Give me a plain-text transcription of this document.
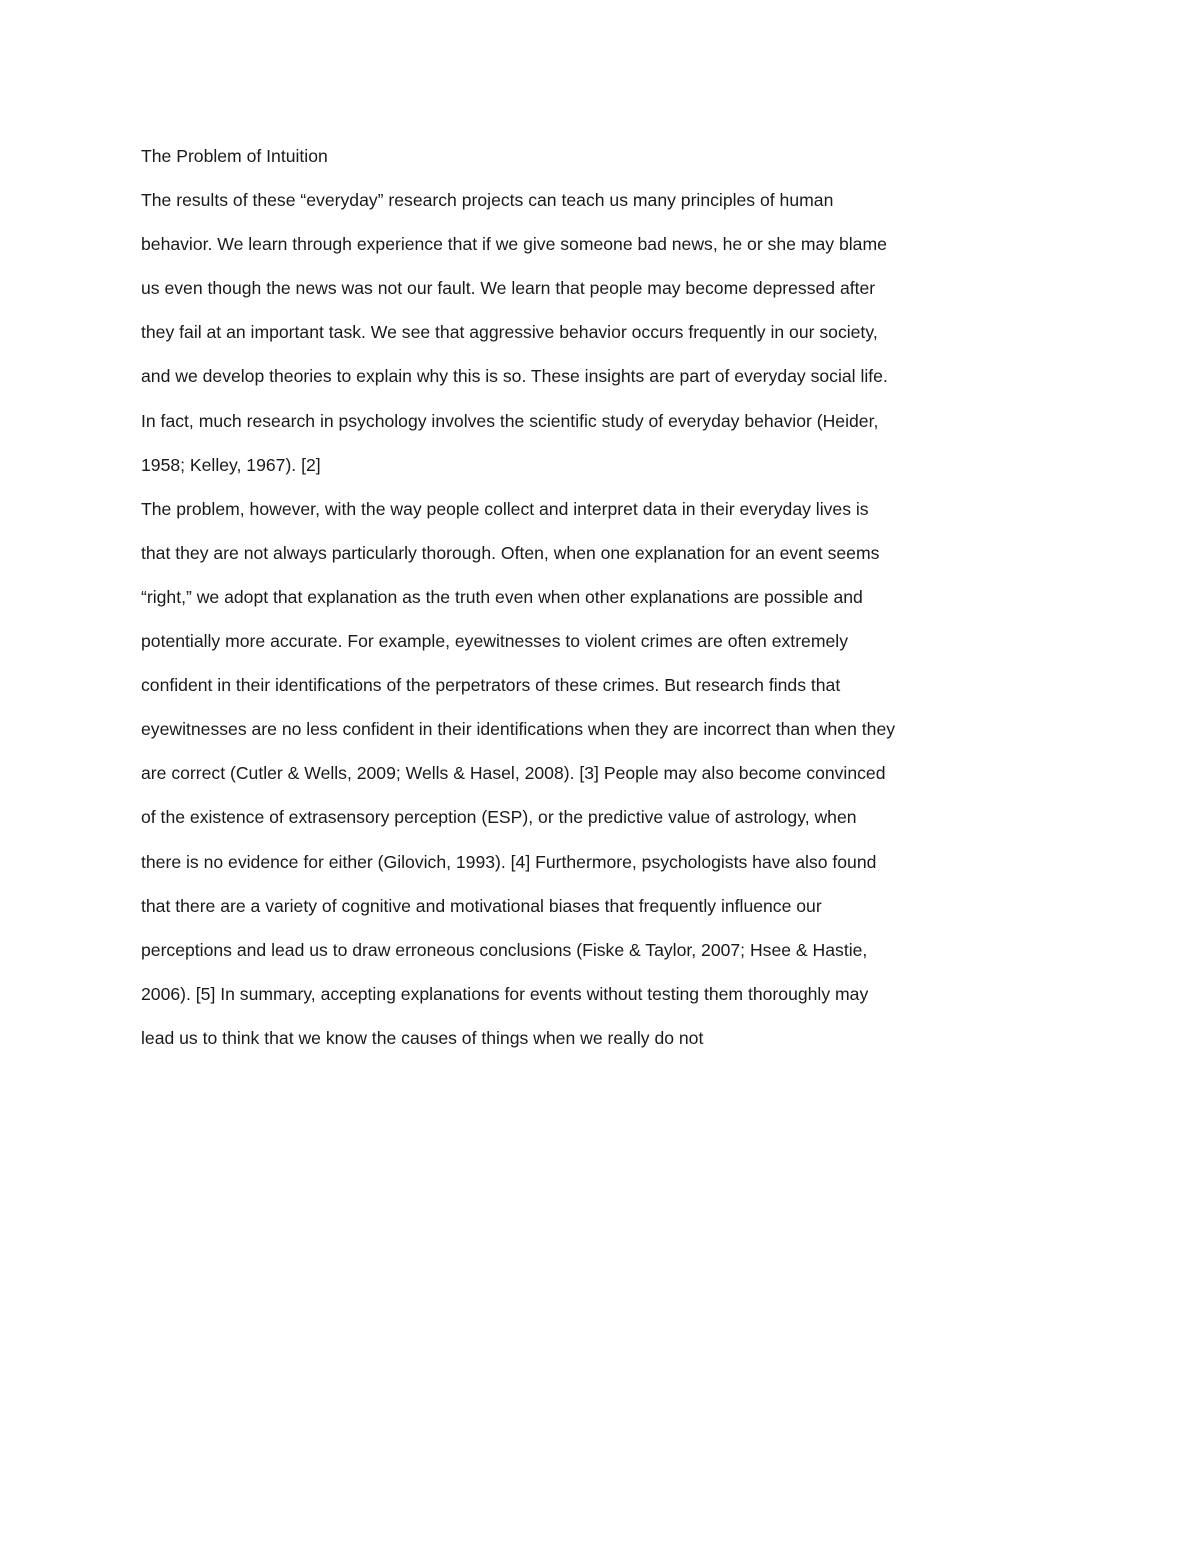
The Problem of Intuition
The results of these “everyday” research projects can teach us many principles of human
behavior. We learn through experience that if we give someone bad news, he or she may blame
us even though the news was not our fault. We learn that people may become depressed after
they fail at an important task. We see that aggressive behavior occurs frequently in our society,
and we develop theories to explain why this is so. These insights are part of everyday social life.
In fact, much research in psychology involves the scientific study of everyday behavior (Heider,
1958; Kelley, 1967). [2]
The problem, however, with the way people collect and interpret data in their everyday lives is
that they are not always particularly thorough. Often, when one explanation for an event seems
“right,” we adopt that explanation as the truth even when other explanations are possible and
potentially more accurate. For example, eyewitnesses to violent crimes are often extremely
confident in their identifications of the perpetrators of these crimes. But research finds that
eyewitnesses are no less confident in their identifications when they are incorrect than when they
are correct (Cutler & Wells, 2009; Wells & Hasel, 2008). [3] People may also become convinced
of the existence of extrasensory perception (ESP), or the predictive value of astrology, when
there is no evidence for either (Gilovich, 1993). [4] Furthermore, psychologists have also found
that there are a variety of cognitive and motivational biases that frequently influence our
perceptions and lead us to draw erroneous conclusions (Fiske & Taylor, 2007; Hsee & Hastie,
2006). [5] In summary, accepting explanations for events without testing them thoroughly may
lead us to think that we know the causes of things when we really do not
